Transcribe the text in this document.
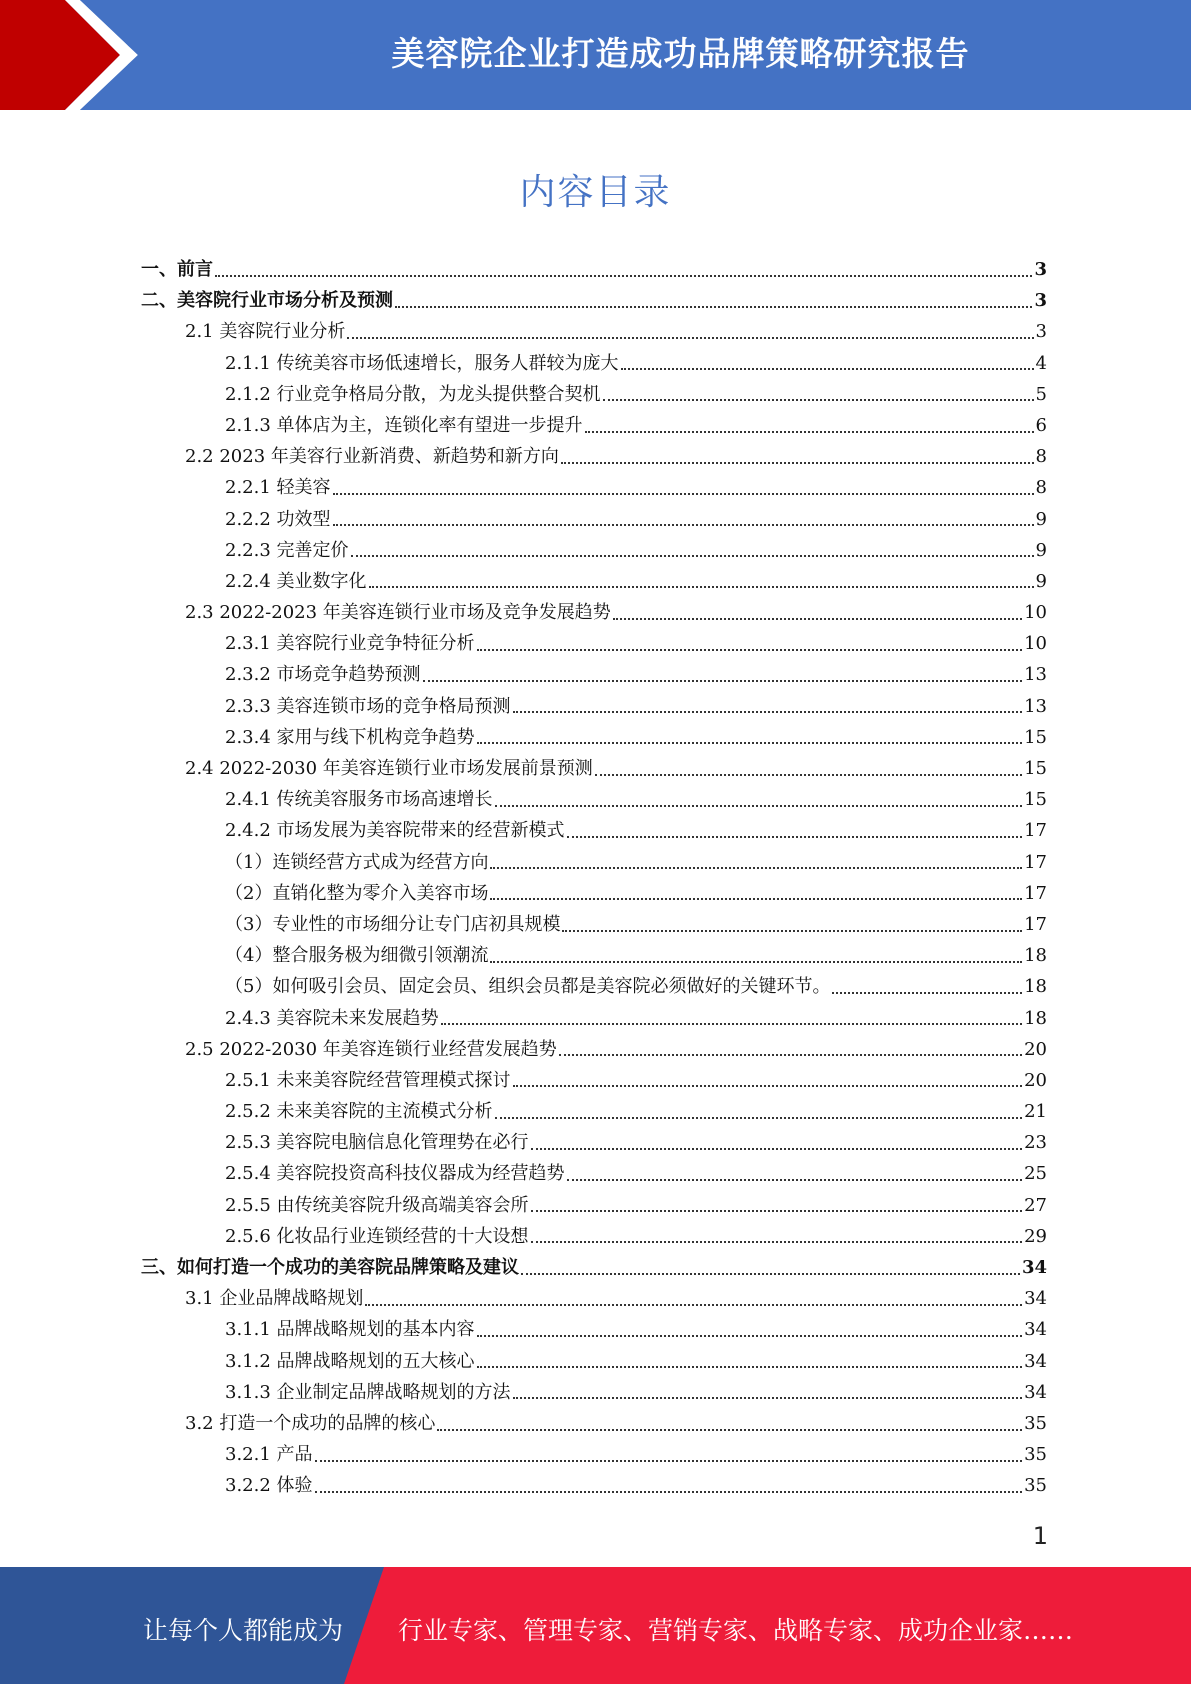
美容院企业打造成功品牌策略研究报告
内容目录
一、前言	3
二、美容院行业市场分析及预测	3
2.1 美容院行业分析	3
2.1.1 传统美容市场低速增长，服务人群较为庞大	4
2.1.2 行业竞争格局分散，为龙头提供整合契机	5
2.1.3 单体店为主，连锁化率有望进一步提升	6
2.2 2023 年美容行业新消费、新趋势和新方向	8
2.2.1 轻美容	8
2.2.2 功效型	9
2.2.3 完善定价	9
2.2.4 美业数字化	9
2.3 2022-2023 年美容连锁行业市场及竞争发展趋势	10
2.3.1 美容院行业竞争特征分析	10
2.3.2 市场竞争趋势预测	13
2.3.3 美容连锁市场的竞争格局预测	13
2.3.4 家用与线下机构竞争趋势	15
2.4 2022-2030 年美容连锁行业市场发展前景预测	15
2.4.1 传统美容服务市场高速增长	15
2.4.2 市场发展为美容院带来的经营新模式	17
（1）连锁经营方式成为经营方向	17
（2）直销化整为零介入美容市场	17
（3）专业性的市场细分让专门店初具规模	17
（4）整合服务极为细微引领潮流	18
（5）如何吸引会员、固定会员、组织会员都是美容院必须做好的关键环节。	18
2.4.3 美容院未来发展趋势	18
2.5 2022-2030 年美容连锁行业经营发展趋势	20
2.5.1 未来美容院经营管理模式探讨	20
2.5.2 未来美容院的主流模式分析	21
2.5.3 美容院电脑信息化管理势在必行	23
2.5.4 美容院投资高科技仪器成为经营趋势	25
2.5.5 由传统美容院升级高端美容会所	27
2.5.6 化妆品行业连锁经营的十大设想	29
三、如何打造一个成功的美容院品牌策略及建议	34
3.1 企业品牌战略规划	34
3.1.1 品牌战略规划的基本内容	34
3.1.2 品牌战略规划的五大核心	34
3.1.3 企业制定品牌战略规划的方法	34
3.2 打造一个成功的品牌的核心	35
3.2.1 产品	35
3.2.2 体验	35
1
让每个人都能成为 行业专家、管理专家、营销专家、战略专家、成功企业家……
